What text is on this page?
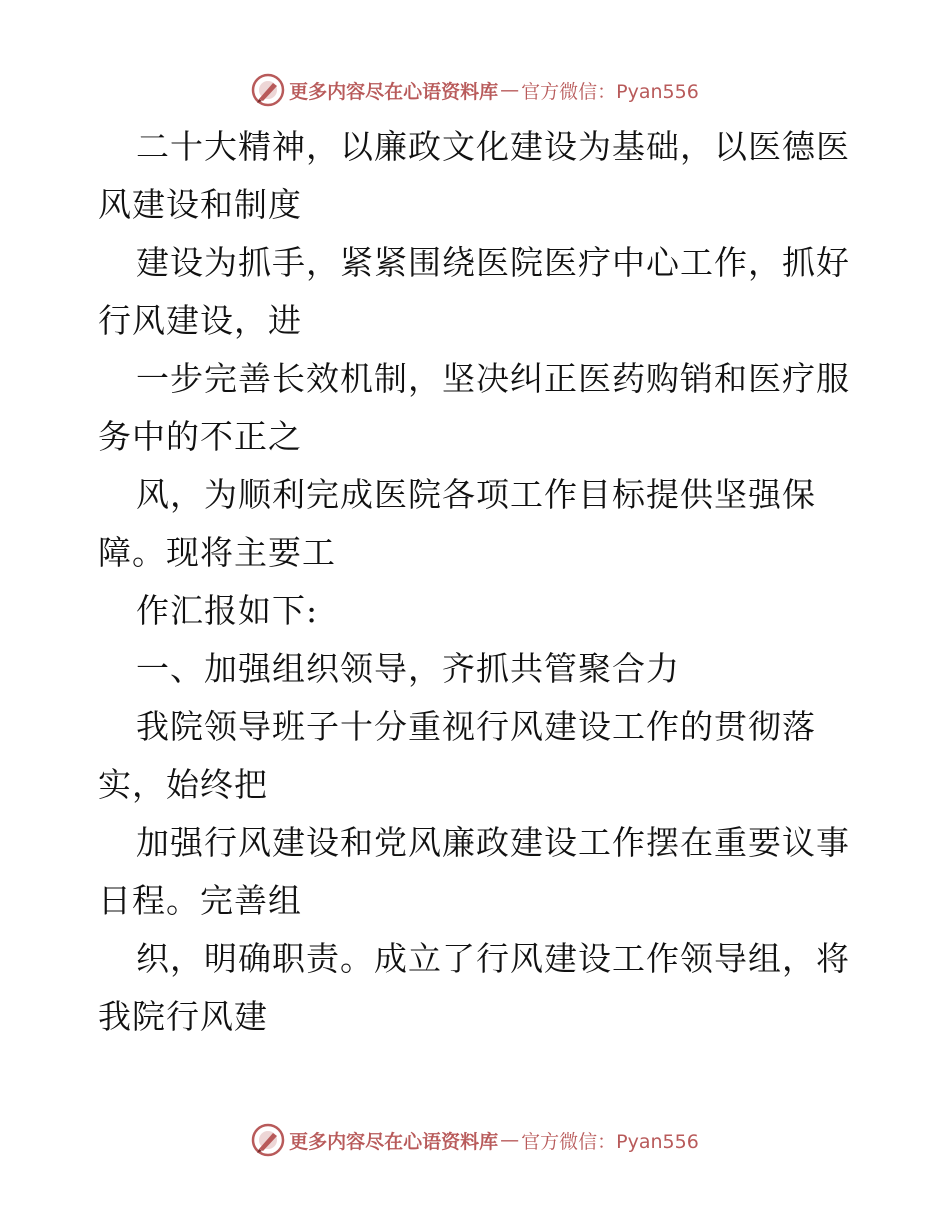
更多内容尽在心语资料库 — 官方微信：Pyan556
二十大精神，以廉政文化建设为基础，以医德医
风建设和制度
建设为抓手，紧紧围绕医院医疗中心工作，抓好
行风建设，进
一步完善长效机制，坚决纠正医药购销和医疗服
务中的不正之
风，为顺利完成医院各项工作目标提供坚强保
障。现将主要工
作汇报如下:
一、加强组织领导，齐抓共管聚合力
我院领导班子十分重视行风建设工作的贯彻落
实，始终把
加强行风建设和党风廉政建设工作摆在重要议事
日程。完善组
织，明确职责。成立了行风建设工作领导组，将
我院行风建
更多内容尽在心语资料库 — 官方微信：Pyan556
